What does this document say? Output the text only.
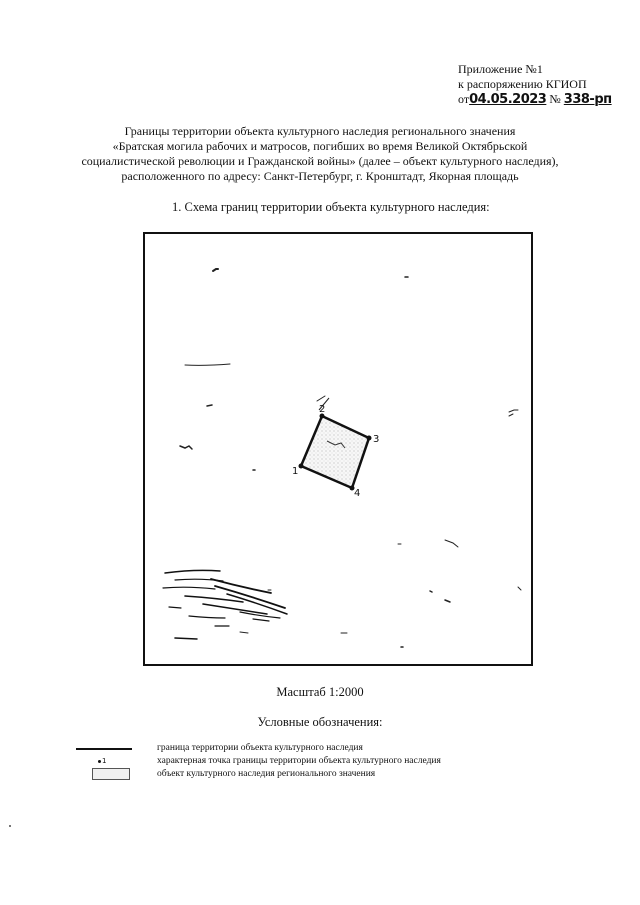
Приложение №1
к распоряжению КГИОП
от04.05.2023 № 338-рп
Границы территории объекта культурного наследия регионального значения
«Братская могила рабочих и матросов, погибших во время Великой Октябрьской
социалистической революции и Гражданской войны» (далее – объект культурного наследия),
расположенного по адресу: Санкт-Петербург, г. Кронштадт, Якорная площадь
1. Схема границ территории объекта культурного наследия:
1
2
3
4
Масштаб 1:2000
Условные обозначения:
граница территории объекта культурного наследия
1	характерная точка границы территории объекта культурного наследия
объект культурного наследия регионального значения
